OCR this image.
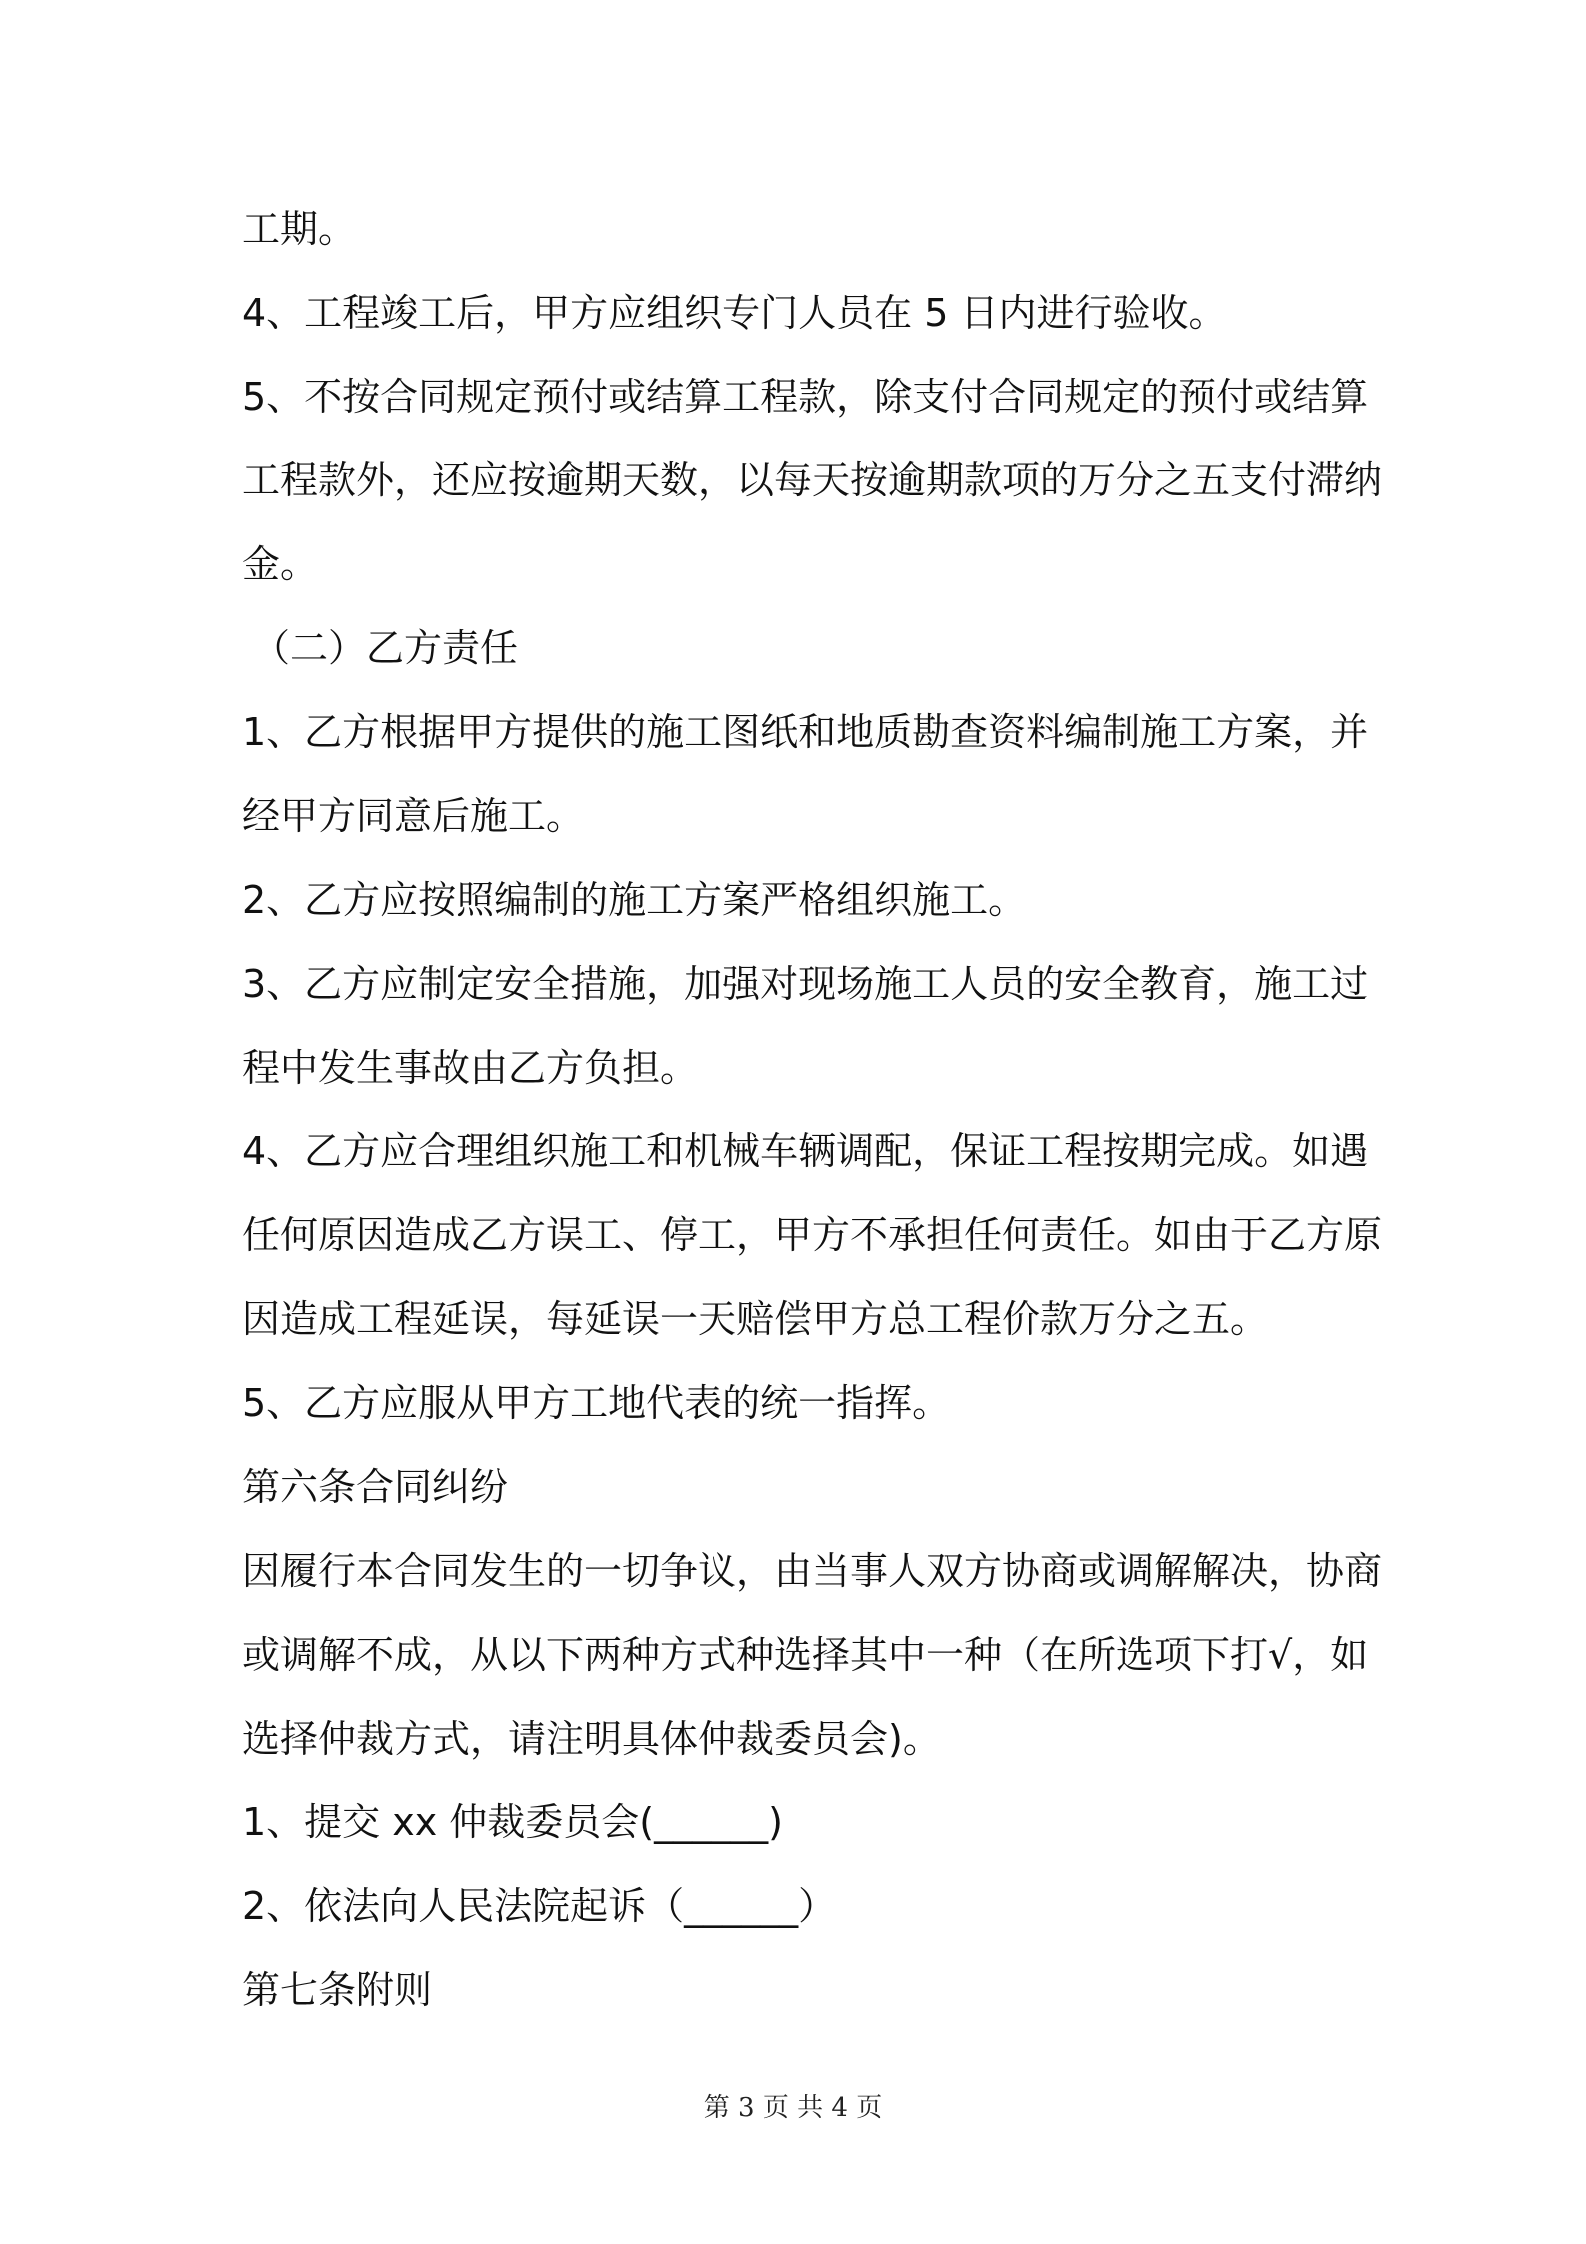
工期。
4、工程竣工后，甲方应组织专门人员在 5 日内进行验收。
5、不按合同规定预付或结算工程款，除支付合同规定的预付或结算
工程款外，还应按逾期天数，以每天按逾期款项的万分之五支付滞纳
金。
（二）乙方责任
1、乙方根据甲方提供的施工图纸和地质勘查资料编制施工方案，并
经甲方同意后施工。
2、乙方应按照编制的施工方案严格组织施工。
3、乙方应制定安全措施，加强对现场施工人员的安全教育，施工过
程中发生事故由乙方负担。
4、乙方应合理组织施工和机械车辆调配，保证工程按期完成。如遇
任何原因造成乙方误工、停工，甲方不承担任何责任。如由于乙方原
因造成工程延误，每延误一天赔偿甲方总工程价款万分之五。
5、乙方应服从甲方工地代表的统一指挥。
第六条合同纠纷
因履行本合同发生的一切争议，由当事人双方协商或调解解决，协商
或调解不成，从以下两种方式种选择其中一种（在所选项下打√，如
选择仲裁方式，请注明具体仲裁委员会)。
1、提交 xx 仲裁委员会(______)
2、依法向人民法院起诉（______）
第七条附则
第 3 页 共 4 页
